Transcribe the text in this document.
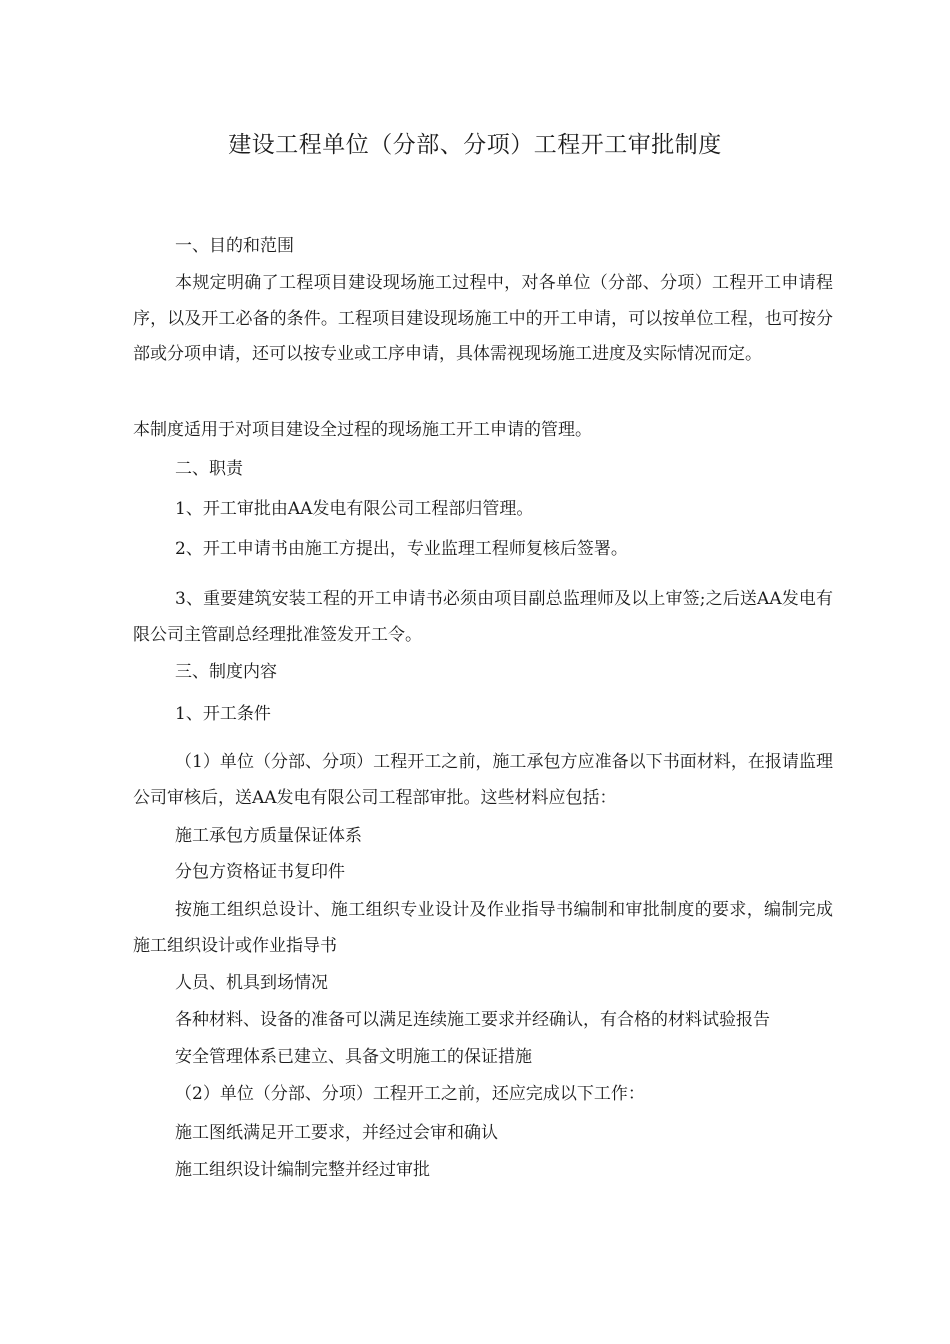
建设工程单位（分部、分项）工程开工审批制度

一、目的和范围

本规定明确了工程项目建设现场施工过程中，对各单位（分部、分项）工程开工申请程序，以及开工必备的条件。工程项目建设现场施工中的开工申请，可以按单位工程，也可按分部或分项申请，还可以按专业或工序申请，具体需视现场施工进度及实际情况而定。

本制度适用于对项目建设全过程的现场施工开工申请的管理。

二、职责

1、开工审批由AA发电有限公司工程部归管理。

2、开工申请书由施工方提出，专业监理工程师复核后签署。

3、重要建筑安装工程的开工申请书必须由项目副总监理师及以上审签;之后送AA发电有限公司主管副总经理批准签发开工令。

三、制度内容

1、开工条件

（1）单位（分部、分项）工程开工之前，施工承包方应准备以下书面材料，在报请监理公司审核后，送AA发电有限公司工程部审批。这些材料应包括：

施工承包方质量保证体系

分包方资格证书复印件

按施工组织总设计、施工组织专业设计及作业指导书编制和审批制度的要求，编制完成施工组织设计或作业指导书

人员、机具到场情况

各种材料、设备的准备可以满足连续施工要求并经确认，有合格的材料试验报告

安全管理体系已建立、具备文明施工的保证措施

（2）单位（分部、分项）工程开工之前，还应完成以下工作：

施工图纸满足开工要求，并经过会审和确认

施工组织设计编制完整并经过审批
